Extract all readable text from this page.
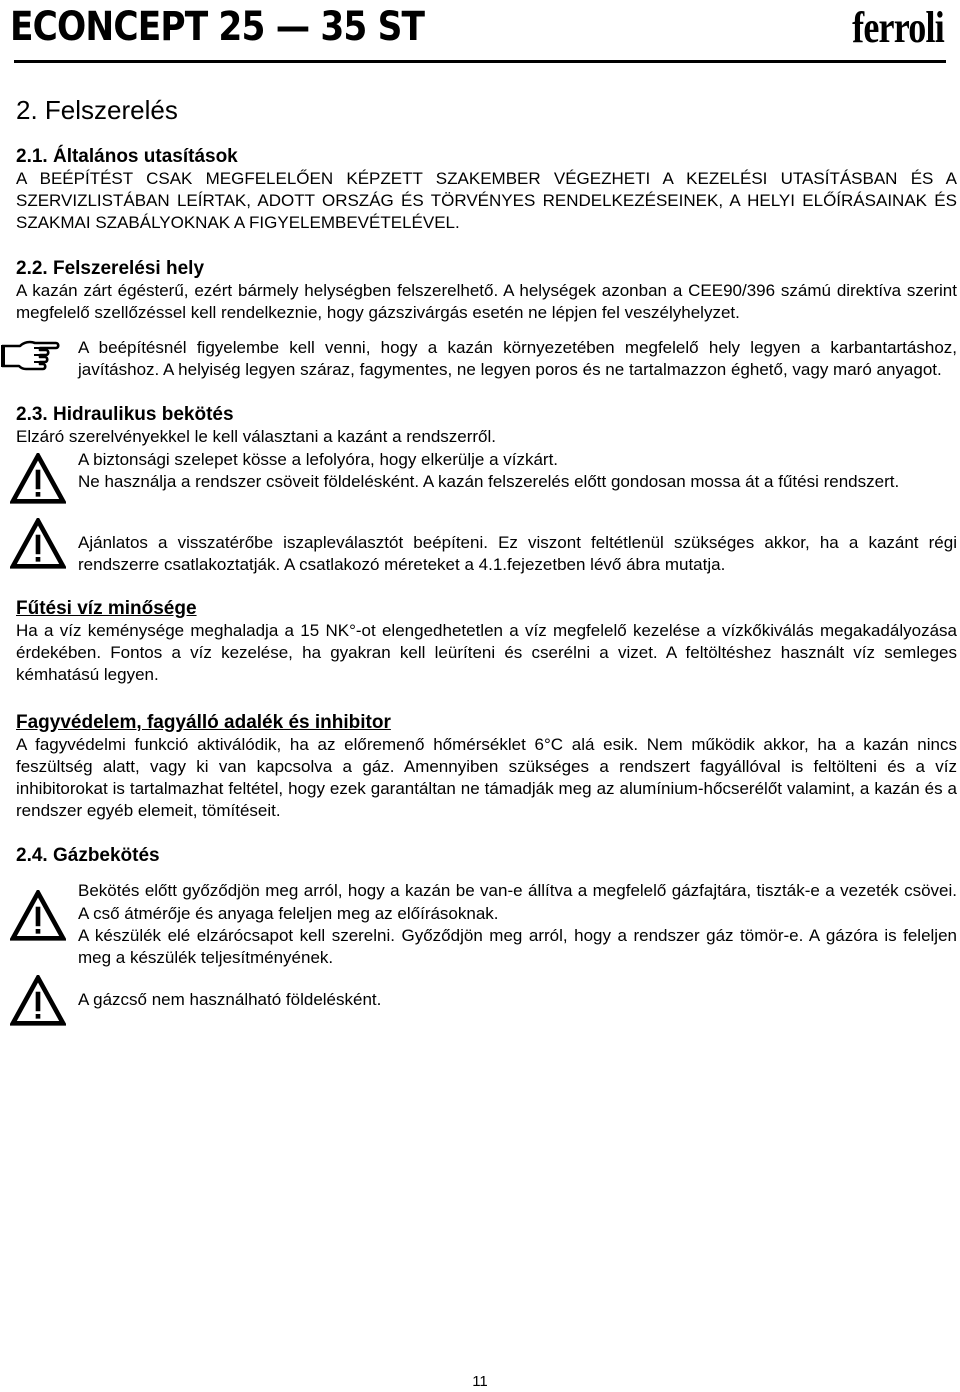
ECONCEPT 25 — 35 ST	ferroli
2. Felszerelés
2.1. Általános utasítások
A BEÉPÍTÉST CSAK MEGFELELŐEN KÉPZETT SZAKEMBER VÉGEZHETI A KEZELÉSI UTASÍTÁSBAN ÉS A SZERVIZLISTÁBAN LEÍRTAK, ADOTT ORSZÁG ÉS TÖRVÉNYES RENDELKEZÉSEINEK, A HELYI ELŐÍRÁSAINAK ÉS SZAKMAI SZABÁLYOKNAK A FIGYELEMBEVÉTELÉVEL.
2.2. Felszerelési hely

A kazán zárt égésterű, ezért bármely helységben felszerelhető. A helységek azonban a CEE90/396 számú direktíva szerint megfelelő szellőzéssel kell rendelkeznie, hogy gázszivárgás esetén ne lépjen fel veszélyhelyzet.

A beépítésnél figyelembe kell venni, hogy a kazán környezetében megfelelő hely legyen a karbantartáshoz, javításhoz. A helyiség legyen száraz, fagymentes, ne legyen poros és ne tartalmazzon éghető, vagy maró anyagot.

2.3. Hidraulikus bekötés

Elzáró szerelvényekkel le kell választani a kazánt a rendszerről.

A biztonsági szelepet kösse a lefolyóra, hogy elkerülje a vízkárt.

Ne használja a rendszer csöveit földelésként. A kazán felszerelés előtt gondosan mossa át a fűtési rendszert.

Ajánlatos a visszatérőbe iszapleválasztót beépíteni. Ez viszont feltétlenül szükséges akkor, ha a kazánt régi rendszerre csatlakoztatják. A csatlakozó méreteket a 4.1.fejezetben lévő ábra mutatja.

Fűtési víz minősége

Ha a víz keménysége meghaladja a 15 NK°-ot elengedhetetlen a víz megfelelő kezelése a vízkőkiválás megakadályozása érdekében. Fontos a víz kezelése, ha gyakran kell leüríteni és cserélni a vizet. A feltöltéshez használt víz semleges kémhatású legyen.

Fagyvédelem, fagyálló adalék és inhibitor

A fagyvédelmi funkció aktiválódik, ha az előremenő hőmérséklet 6°C alá esik. Nem működik akkor, ha a kazán nincs feszültség alatt, vagy ki van kapcsolva a gáz. Amennyiben szükséges a rendszert fagyállóval is feltölteni és a víz inhibitorokat is tartalmazhat feltétel, hogy ezek garantáltan ne támadják meg az alumínium-hőcserélőt valamint, a kazán és a rendszer egyéb elemeit, tömítéseit.

2.4. Gázbekötés

Bekötés előtt győződjön meg arról, hogy a kazán be van-e állítva a megfelelő gázfajtára, tiszták-e a vezeték csövei. A cső átmérője és anyaga feleljen meg az előírásoknak.

A készülék elé elzárócsapot kell szerelni. Győződjön meg arról, hogy a rendszer gáz tömör-e. A gázóra is feleljen meg a készülék teljesítményének.

A gázcső nem használható földelésként.

11
